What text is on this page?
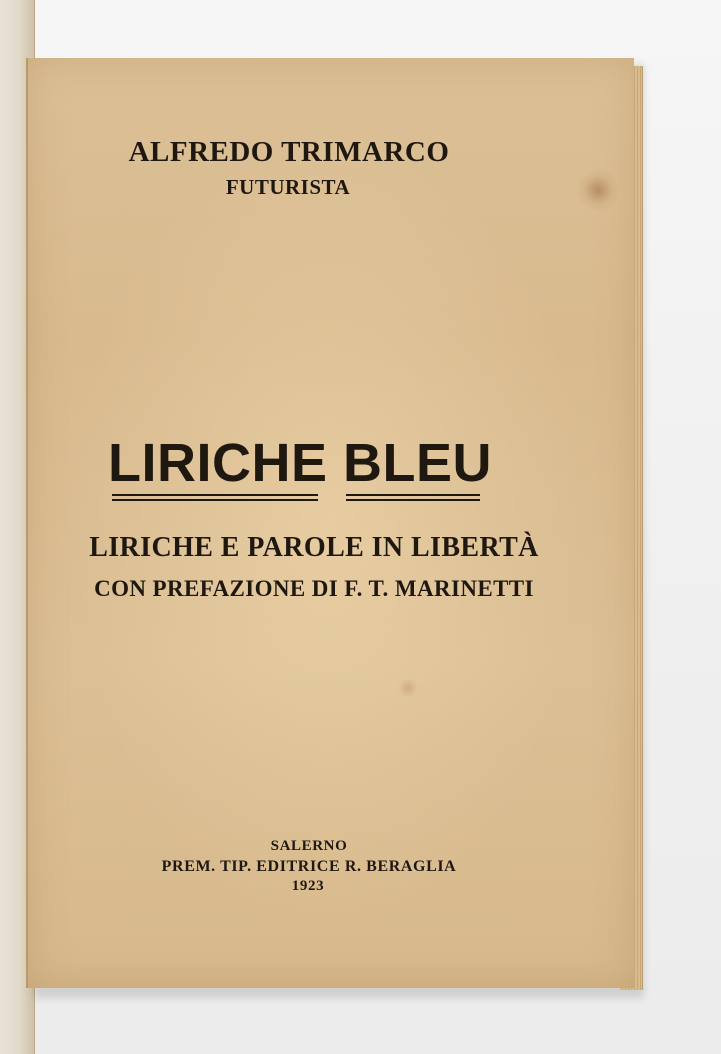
ALFREDO TRIMARCO
FUTURISTA
LIRICHE BLEU
LIRICHE E PAROLE IN LIBERTÀ
CON PREFAZIONE DI F. T. MARINETTI
SALERNO
PREM. TIP. EDITRICE R. BERAGLIA
1923
